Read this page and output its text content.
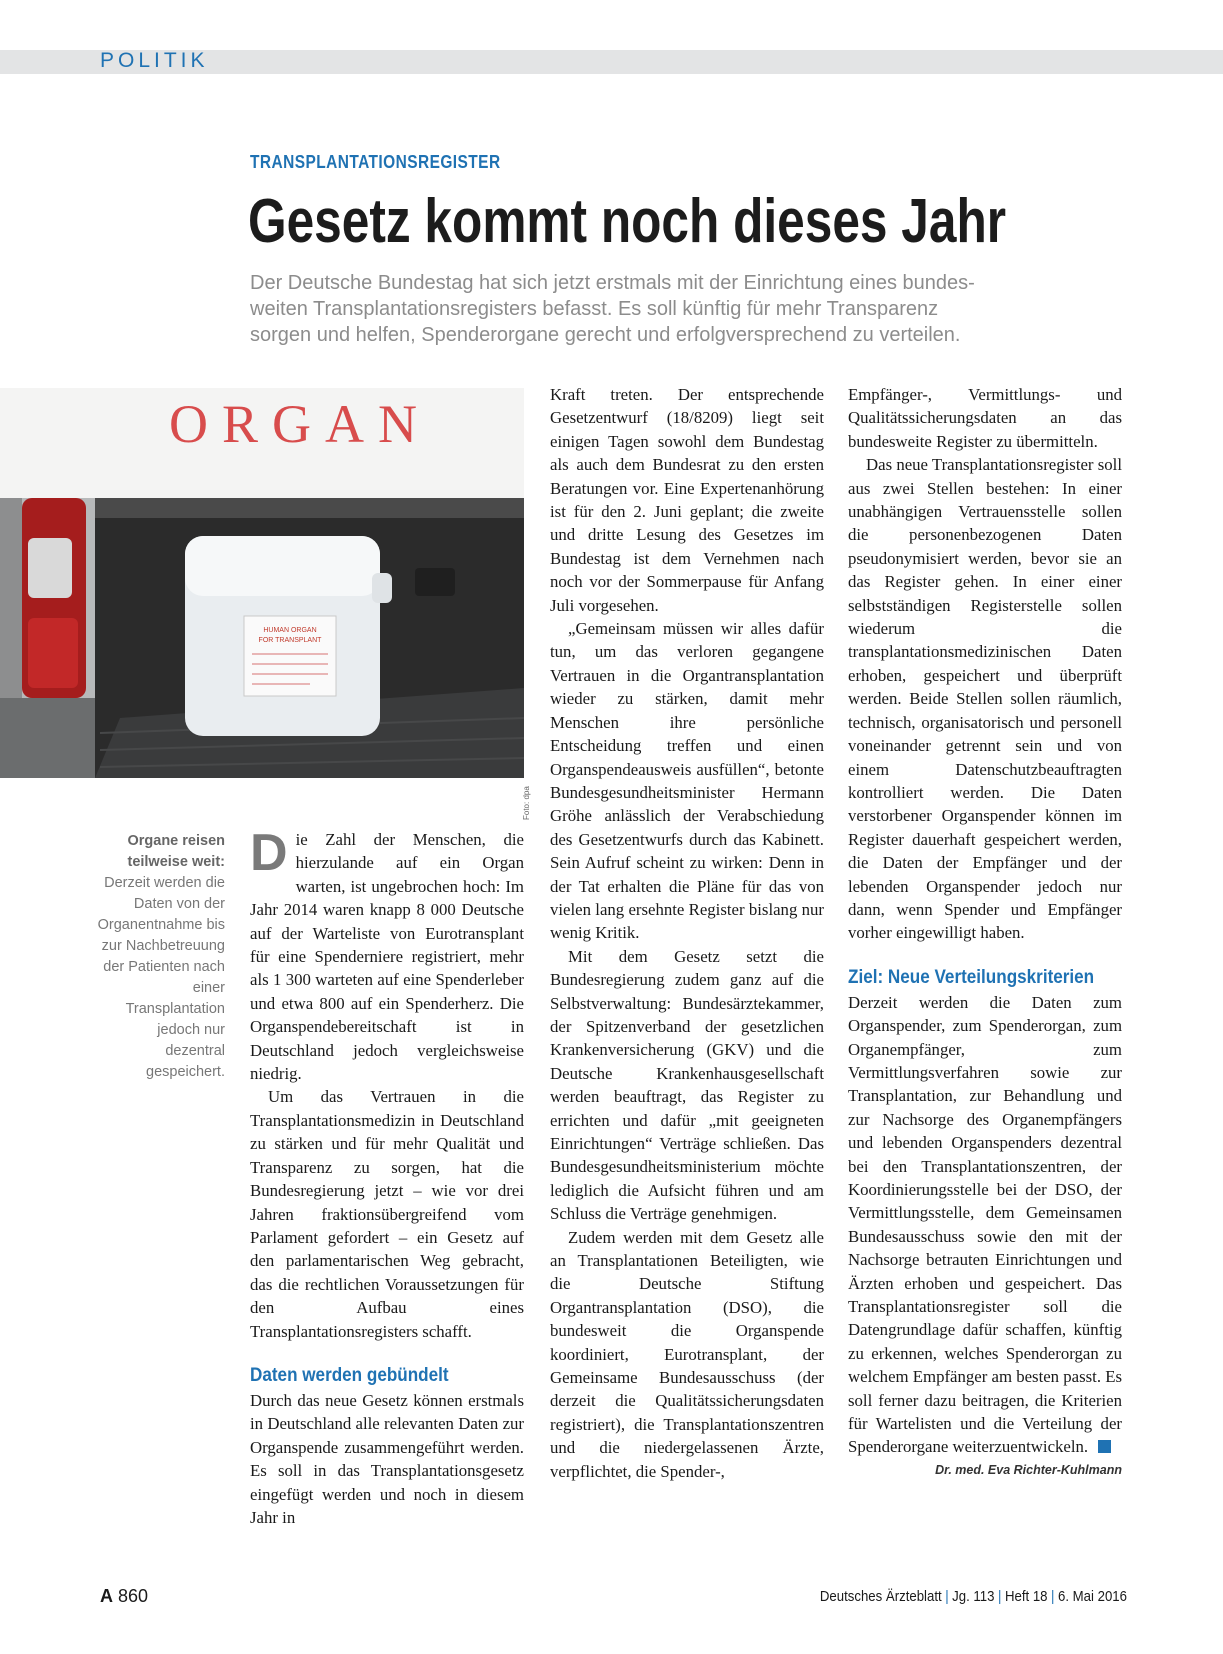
POLITIK
TRANSPLANTATIONSREGISTER
Gesetz kommt noch dieses Jahr
Der Deutsche Bundestag hat sich jetzt erstmals mit der Einrichtung eines bundes-
weiten Transplantationsregisters befasst. Es soll künftig für mehr Transparenz
sorgen und helfen, Spenderorgane gerecht und erfolgversprechend zu verteilen.
ORGAN
HUMAN ORGAN
FOR TRANSPLANT
Foto: dpa
Organe reisen teilweise weit: Derzeit werden die Daten von der Organentnahme bis zur Nachbetreuung der Patienten nach einer Transplantation jedoch nur dezentral gespeichert.

Die Zahl der Menschen, die hierzulande auf ein Organ warten, ist ungebrochen hoch: Im Jahr 2014 waren knapp 8 000 Deutsche auf der Warteliste von Eurotransplant für eine Spenderniere registriert, mehr als 1 300 warteten auf eine Spenderleber und etwa 800 auf ein Spenderherz. Die Organspendebereitschaft ist in Deutschland jedoch vergleichsweise niedrig.

Um das Vertrauen in die Transplantationsmedizin in Deutschland zu stärken und für mehr Qualität und Transparenz zu sorgen, hat die Bundesregierung jetzt – wie vor drei Jahren fraktionsübergreifend vom Parlament gefordert – ein Gesetz auf den parlamentarischen Weg gebracht, das die rechtlichen Voraussetzungen für den Aufbau eines Transplantationsregisters schafft.

Daten werden gebündelt

Durch das neue Gesetz können erstmals in Deutschland alle relevanten Daten zur Organspende zusammengeführt werden. Es soll in das Transplantationsgesetz eingefügt werden und noch in diesem Jahr in

Kraft treten. Der entsprechende Gesetzentwurf (18/8209) liegt seit einigen Tagen sowohl dem Bundestag als auch dem Bundesrat zu den ersten Beratungen vor. Eine Expertenanhörung ist für den 2. Juni geplant; die zweite und dritte Lesung des Gesetzes im Bundestag ist dem Vernehmen nach noch vor der Sommerpause für Anfang Juli vorgesehen.

„Gemeinsam müssen wir alles dafür tun, um das verloren gegangene Vertrauen in die Organtransplantation wieder zu stärken, damit mehr Menschen ihre persönliche Entscheidung treffen und einen Organspendeausweis ausfüllen“, betonte Bundesgesundheitsminister Hermann Gröhe anlässlich der Verabschiedung des Gesetzentwurfs durch das Kabinett. Sein Aufruf scheint zu wirken: Denn in der Tat erhalten die Pläne für das von vielen lang ersehnte Register bislang nur wenig Kritik.

Mit dem Gesetz setzt die Bundesregierung zudem ganz auf die Selbstverwaltung: Bundesärztekammer, der Spitzenverband der gesetzlichen Krankenversicherung (GKV) und die Deutsche Krankenhausgesellschaft werden beauftragt, das Register zu errichten und dafür „mit geeigneten Einrichtungen“ Verträge schließen. Das Bundesgesundheitsministerium möchte lediglich die Aufsicht führen und am Schluss die Verträge genehmigen.

Zudem werden mit dem Gesetz alle an Transplantationen Beteiligten, wie die Deutsche Stiftung Organtransplantation (DSO), die bundesweit die Organspende koordiniert, Eurotransplant, der Gemeinsame Bundesausschuss (der derzeit die Qualitätssicherungsdaten registriert), die Transplantationszentren und die niedergelassenen Ärzte, verpflichtet, die Spender-,

Empfänger-, Vermittlungs- und Qualitätssicherungsdaten an das bundesweite Register zu übermitteln.

Das neue Transplantationsregister soll aus zwei Stellen bestehen: In einer unabhängigen Vertrauensstelle sollen die personenbezogenen Daten pseudonymisiert werden, bevor sie an das Register gehen. In einer einer selbstständigen Registerstelle sollen wiederum die transplantationsmedizinischen Daten erhoben, gespeichert und überprüft werden. Beide Stellen sollen räumlich, technisch, organisatorisch und personell voneinander getrennt sein und von einem Datenschutzbeauftragten kontrolliert werden. Die Daten verstorbener Organspender können im Register dauerhaft gespeichert werden, die Daten der Empfänger und der lebenden Organspender jedoch nur dann, wenn Spender und Empfänger vorher eingewilligt haben.

Ziel: Neue Verteilungskriterien

Derzeit werden die Daten zum Organspender, zum Spenderorgan, zum Organempfänger, zum Vermittlungsverfahren sowie zur Transplantation, zur Behandlung und zur Nachsorge des Organempfängers und lebenden Organspenders dezentral bei den Transplantationszentren, der Koordinierungsstelle bei der DSO, der Vermittlungsstelle, dem Gemeinsamen Bundesausschuss sowie den mit der Nachsorge betrauten Einrichtungen und Ärzten erhoben und gespeichert. Das Transplantationsregister soll die Datengrundlage dafür schaffen, künftig zu erkennen, welches Spenderorgan zu welchem Empfänger am besten passt. Es soll ferner dazu beitragen, die Kriterien für Wartelisten und die Verteilung der Spenderorgane weiterzuentwickeln.

Dr. med. Eva Richter-Kuhlmann
A 860	Deutsches Ärzteblatt | Jg. 113 | Heft 18 | 6. Mai 2016
